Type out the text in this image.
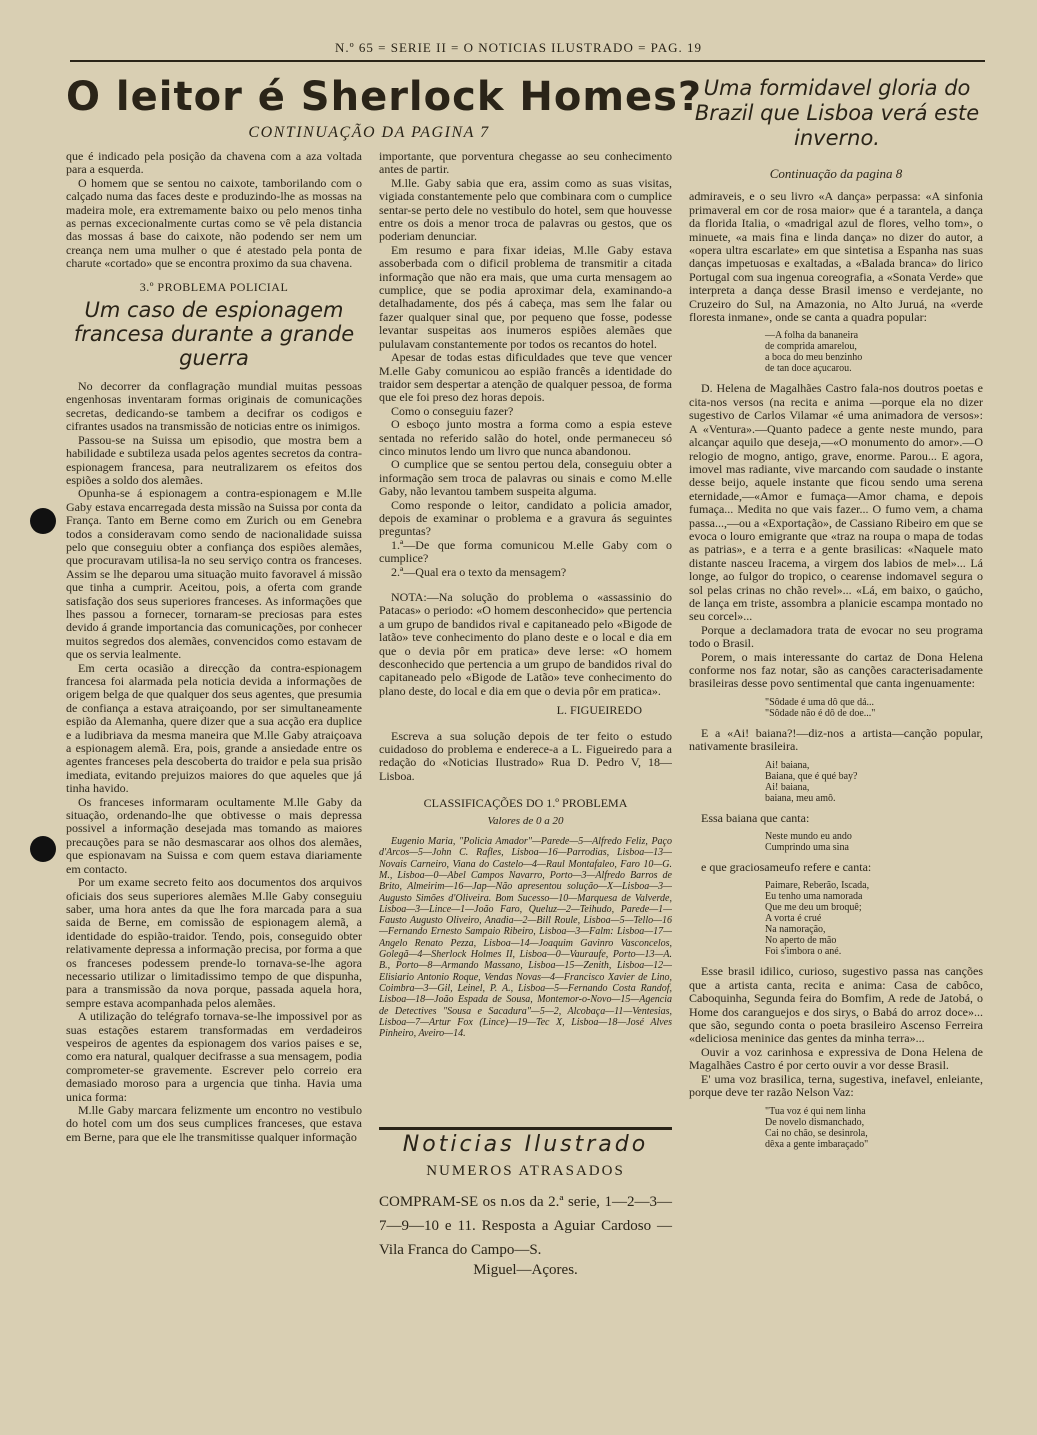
N.º 65 = SERIE II = O NOTICIAS ILUSTRADO = PAG. 19
O leitor é Sherlock Homes?
CONTINUAÇÃO DA PAGINA 7
Uma formidavel gloria do Brazil que Lisboa verá este inverno.

que é indicado pela posição da chavena com a aza voltada para a esquerda.

O homem que se sentou no caixote, tamborilando com o calçado numa das faces deste e produzindo-lhe as mossas na madeira mole, era extremamente baixo ou pelo menos tinha as pernas excecionalmente curtas como se vê pela distancia das mossas á base do caixote, não podendo ser nem um creança nem uma mulher o que é atestado pela ponta de charute «cortado» que se encontra proximo da sua chavena.

3.º PROBLEMA POLICIAL
Um caso de espionagem francesa durante a grande guerra

No decorrer da conflagração mundial muitas pessoas engenhosas inventaram formas originais de comunicações secretas, dedicando-se tambem a decifrar os codigos e cifrantes usados na transmissão de noticias entre os inimigos.

Passou-se na Suissa um episodio, que mostra bem a habilidade e subtileza usada pelos agentes secretos da contra-espionagem francesa, para neutralizarem os efeitos dos espiões a soldo dos alemães.

Opunha-se á espionagem a contra-espionagem e M.lle Gaby estava encarregada desta missão na Suissa por conta da França. Tanto em Berne como em Zurich ou em Genebra todos a consideravam como sendo de nacionalidade suissa pelo que conseguiu obter a confiança dos espiões alemães, que procuravam utilisa-la no seu serviço contra os franceses. Assim se lhe deparou uma situação muito favoravel á missão que tinha a cumprir. Aceitou, pois, a oferta com grande satisfação dos seus superiores franceses. As informações que lhes passou a fornecer, tornaram-se preciosas para estes devido á grande importancia das comunicações, por conhecer muitos segredos dos alemães, convencidos como estavam de que os servia lealmente.

Em certa ocasião a direcção da contra-espionagem francesa foi alarmada pela noticia devida a informações de origem belga de que qualquer dos seus agentes, que presumia de confiança a estava atraiçoando, por ser simultaneamente espião da Alemanha, quere dizer que a sua acção era duplice e a ludibriava da mesma maneira que M.lle Gaby atraiçoava a espionagem alemã. Era, pois, grande a ansiedade entre os agentes franceses pela descoberta do traidor e pela sua prisão imediata, evitando prejuizos maiores do que aqueles que já tinha havido.

Os franceses informaram ocultamente M.lle Gaby da situação, ordenando-lhe que obtivesse o mais depressa possivel a informação desejada mas tomando as maiores precauções para se não desmascarar aos olhos dos alemães, que espionavam na Suissa e com quem estava diariamente em contacto.

Por um exame secreto feito aos documentos dos arquivos oficiais dos seus superiores alemães M.lle Gaby conseguiu saber, uma hora antes da que lhe fora marcada para a sua saida de Berne, em comissão de espionagem alemã, a identidade do espião-traidor. Tendo, pois, conseguido obter relativamente depressa a informação precisa, por forma a que os franceses podessem prende-lo tornava-se-lhe agora necessario utilizar o limitadissimo tempo de que dispunha, para a transmissão da nova porque, passada aquela hora, sempre estava acompanhada pelos alemães.

A utilização do telégrafo tornava-se-lhe impossivel por as suas estações estarem transformadas em verdadeiros vespeiros de agentes da espionagem dos varios paises e se, como era natural, qualquer decifrasse a sua mensagem, podia comprometer-se gravemente. Escrever pelo correio era demasiado moroso para a urgencia que tinha. Havia uma unica forma:

M.lle Gaby marcara felizmente um encontro no vestibulo do hotel com um dos seus cumplices franceses, que estava em Berne, para que ele lhe transmitisse qualquer informação

importante, que porventura chegasse ao seu conhecimento antes de partir.

M.lle. Gaby sabia que era, assim como as suas visitas, vigiada constantemente pelo que combinara com o cumplice sentar-se perto dele no vestibulo do hotel, sem que houvesse entre os dois a menor troca de palavras ou gestos, que os poderiam denunciar.

Em resumo e para fixar ideias, M.lle Gaby estava assoberbada com o dificil problema de transmitir a citada informação que não era mais, que uma curta mensagem ao cumplice, que se podia aproximar dela, examinando-a detalhadamente, dos pés á cabeça, mas sem lhe falar ou fazer qualquer sinal que, por pequeno que fosse, podesse levantar suspeitas aos inumeros espiões alemães que pululavam constantemente por todos os recantos do hotel.

Apesar de todas estas dificuldades que teve que vencer M.elle Gaby comunicou ao espião francês a identidade do traidor sem despertar a atenção de qualquer pessoa, de forma que ele foi preso dez horas depois.

Como o conseguiu fazer?

O esboço junto mostra a forma como a espia esteve sentada no referido salão do hotel, onde permaneceu só cinco minutos lendo um livro que nunca abandonou.

O cumplice que se sentou pertou dela, conseguiu obter a informação sem troca de palavras ou sinais e como M.elle Gaby, não levantou tambem suspeita alguma.

Como responde o leitor, candidato a policia amador, depois de examinar o problema e a gravura ás seguintes preguntas?

1.ª—De que forma comunicou M.elle Gaby com o cumplice?

2.ª—Qual era o texto da mensagem?

NOTA:—Na solução do problema o «assassinio do Patacas» o periodo: «O homem desconhecido» que pertencia a um grupo de bandidos rival e capitaneado pelo «Bigode de latão» teve conhecimento do plano deste e o local e dia em que o devia pôr em pratica» deve lerse: «O homem desconhecido que pertencia a um grupo de bandidos rival do capitaneado pelo «Bigode de Latão» teve conhecimento do plano deste, do local e dia em que o devia pôr em pratica».

L. FIGUEIREDO

Escreva a sua solução depois de ter feito o estudo cuidadoso do problema e enderece-a a L. Figueiredo para a redação do «Noticias Ilustrado» Rua D. Pedro V, 18—Lisboa.

CLASSIFICAÇÕES DO 1.º PROBLEMA
Valores de 0 a 20

Eugenio Maria, "Policia Amador"—Parede—5—Alfredo Feliz, Paço d'Arcos—5—John C. Rafles, Lisboa—16—Parrodias, Lisboa—13—Novais Carneiro, Viana do Castelo—4—Raul Montafaleo, Faro 10—G. M., Lisboa—0—Abel Campos Navarro, Porto—3—Alfredo Barros de Brito, Almeirim—16—Jap—Não apresentou solução—X—Lisboa—3—Augusto Simões d'Oliveira. Bom Sucesso—10—Marquesa de Valverde, Lisboa—3—Lince—1—João Faro, Queluz—2—Teihudo, Parede—1—Fausto Augusto Oliveiro, Anadia—2—Bill Roule, Lisboa—5—Tello—16—Fernando Ernesto Sampaio Ribeiro, Lisboa—3—Falm: Lisboa—17—Angelo Renato Pezza, Lisboa—14—Joaquim Gavinro Vasconcelos, Golegã—4—Sherlock Holmes II, Lisboa—0—Vauraufe, Porto—13—A. B., Porto—8—Armando Massano, Lisboa—15—Zenith, Lisboa—12—Elisiario Antonio Roque, Vendas Novas—4—Francisco Xavier de Lino, Coimbra—3—Gil, Leinel, P. A., Lisboa—5—Fernando Costa Randof, Lisboa—18—João Espada de Sousa, Montemor-o-Novo—15—Agencia de Detectives "Sousa e Sacadura"—5—2, Alcobaça—11—Ventesias, Lisboa—7—Artur Fox (Lince)—19—Tec X, Lisboa—18—José Alves Pinheiro, Aveiro—14.

Noticias Ilustrado
NUMEROS ATRASADOS
COMPRAM-SE os n.os da 2.ª serie, 1—2—3—7—9—10 e 11. Resposta a Aguiar Cardoso — Vila Franca do Campo—S.
Miguel—Açores.
Continuação da pagina 8

admiraveis, e o seu livro «A dança» perpassa: «A sinfonia primaveral em cor de rosa maior» que é a tarantela, a dança da florida Italia, o «madrigal azul de flores, velho tom», o minuete, «a mais fina e linda dança» no dizer do autor, a «opera ultra escarlate» em que sintetisa a Espanha nas suas danças impetuosas e exaltadas, a «Balada branca» do lirico Portugal com sua ingenua coreografia, a «Sonata Verde» que interpreta a dança desse Brasil imenso e verdejante, no Cruzeiro do Sul, na Amazonia, no Alto Juruá, na «verde floresta inmane», onde se canta a quadra popular:

—A folha da bananeira
de comprida amarelou,
a boca do meu benzinho
de tan doce açucarou.

D. Helena de Magalhães Castro fala-nos doutros poetas e cita-nos versos (na recita e anima —porque ela no dizer sugestivo de Carlos Vilamar «é uma animadora de versos»: A «Ventura».—Quanto padece a gente neste mundo, para alcançar aquilo que deseja,—«O monumento do amor».—O relogio de mogno, antigo, grave, enorme. Parou... E agora, imovel mas radiante, vive marcando com saudade o instante desse beijo, aquele instante que ficou sendo uma serena eternidade,—«Amor e fumaça—Amor chama, e depois fumaça... Medita no que vais fazer... O fumo vem, a chama passa...,—ou a «Exportação», de Cassiano Ribeiro em que se evoca o louro emigrante que «traz na roupa o mapa de todas as patrias», e a terra e a gente brasilicas: «Naquele mato distante nasceu Iracema, a virgem dos labios de mel»... Lá longe, ao fulgor do tropico, o cearense indomavel segura o sol pelas crinas no chão revel»... «Lá, em baixo, o gaúcho, de lança em triste, assombra a planicie escampa montado no seu corcel»...

Porque a declamadora trata de evocar no seu programa todo o Brasil.

Porem, o mais interessante do cartaz de Dona Helena conforme nos faz notar, são as canções caracterisadamente brasileiras desse povo sentimental que canta ingenuamente:

"Sôdade é uma dô que dá...
"Sôdade não é dô de doe..."

E a «Ai! baiana?!—diz-nos a artista—canção popular, nativamente brasileira.

Ai! baiana,
Baiana, que é qué bay?
Ai! baiana,
baiana, meu amô.

Essa baiana que canta:

Neste mundo eu ando
Cumprindo uma sina

e que graciosameufo refere e canta:

Paimare, Reberão, Iscada,
Eu tenho uma namorada
Que me deu um broquê;
A vorta é crué
Na namoração,
No aperto de mão
Foi s'imbora o ané.

Esse brasil idilico, curioso, sugestivo passa nas canções que a artista canta, recita e anima: Casa de cabôco, Caboquinha, Segunda feira do Bomfim, A rede de Jatobá, o Home dos caranguejos e dos sirys, o Babá do arroz doce»... que são, segundo conta o poeta brasileiro Ascenso Ferreira «deliciosa meninice das gentes da minha terra»...

Ouvir a voz carinhosa e expressiva de Dona Helena de Magalhães Castro é por certo ouvir a vor desse Brasil.

E' uma voz brasilica, terna, sugestiva, inefavel, enleiante, porque deve ter razão Nelson Vaz:

"Tua voz é qui nem linha
De novelo dismanchado,
Cai no chão, se desinrola,
dêxa a gente imbaraçado"
